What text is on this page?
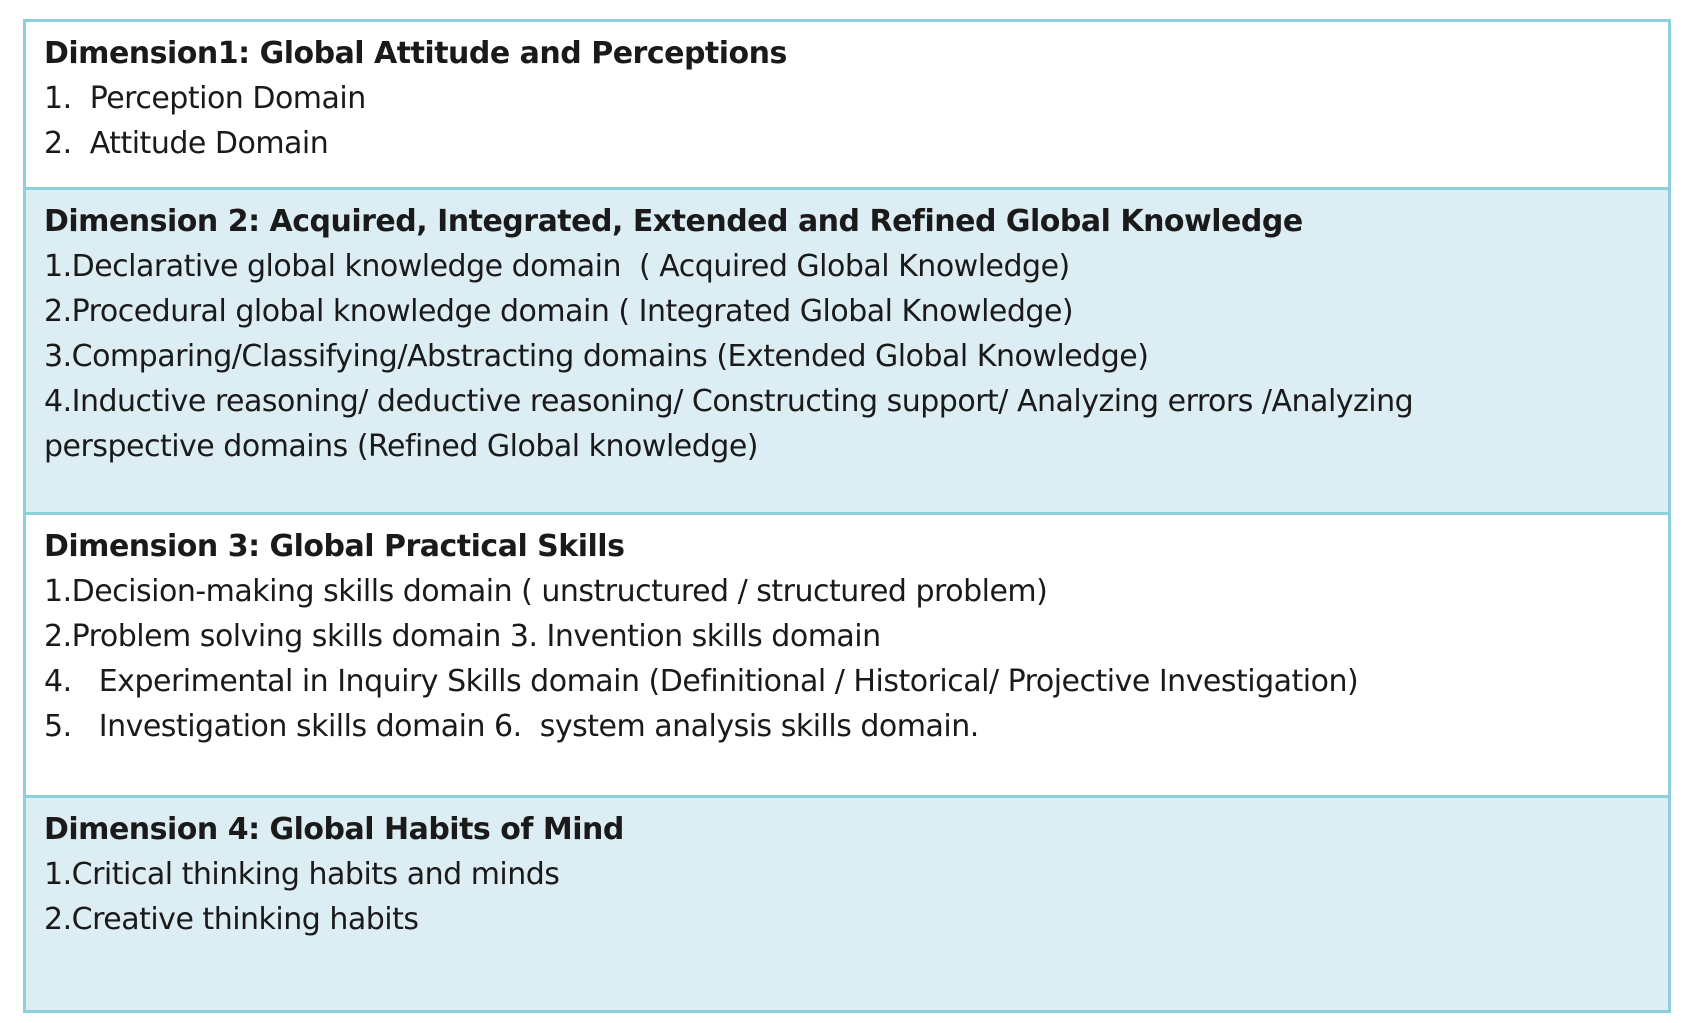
Dimension1: Global Attitude and Perceptions
1.  Perception Domain
2.  Attitude Domain
Dimension 2: Acquired, Integrated, Extended and Refined Global Knowledge
1.Declarative global knowledge domain  ( Acquired Global Knowledge)
2.Procedural global knowledge domain ( Integrated Global Knowledge)
3.Comparing/Classifying/Abstracting domains (Extended Global Knowledge)
4.Inductive reasoning/ deductive reasoning/ Constructing support/ Analyzing errors /Analyzing perspective domains (Refined Global knowledge)
Dimension 3: Global Practical Skills
1.Decision-making skills domain ( unstructured / structured problem)
2.Problem solving skills domain 3. Invention skills domain
4.   Experimental in Inquiry Skills domain (Definitional / Historical/ Projective Investigation)
5.   Investigation skills domain 6.  system analysis skills domain.
Dimension 4: Global Habits of Mind
1.Critical thinking habits and minds
2.Creative thinking habits
